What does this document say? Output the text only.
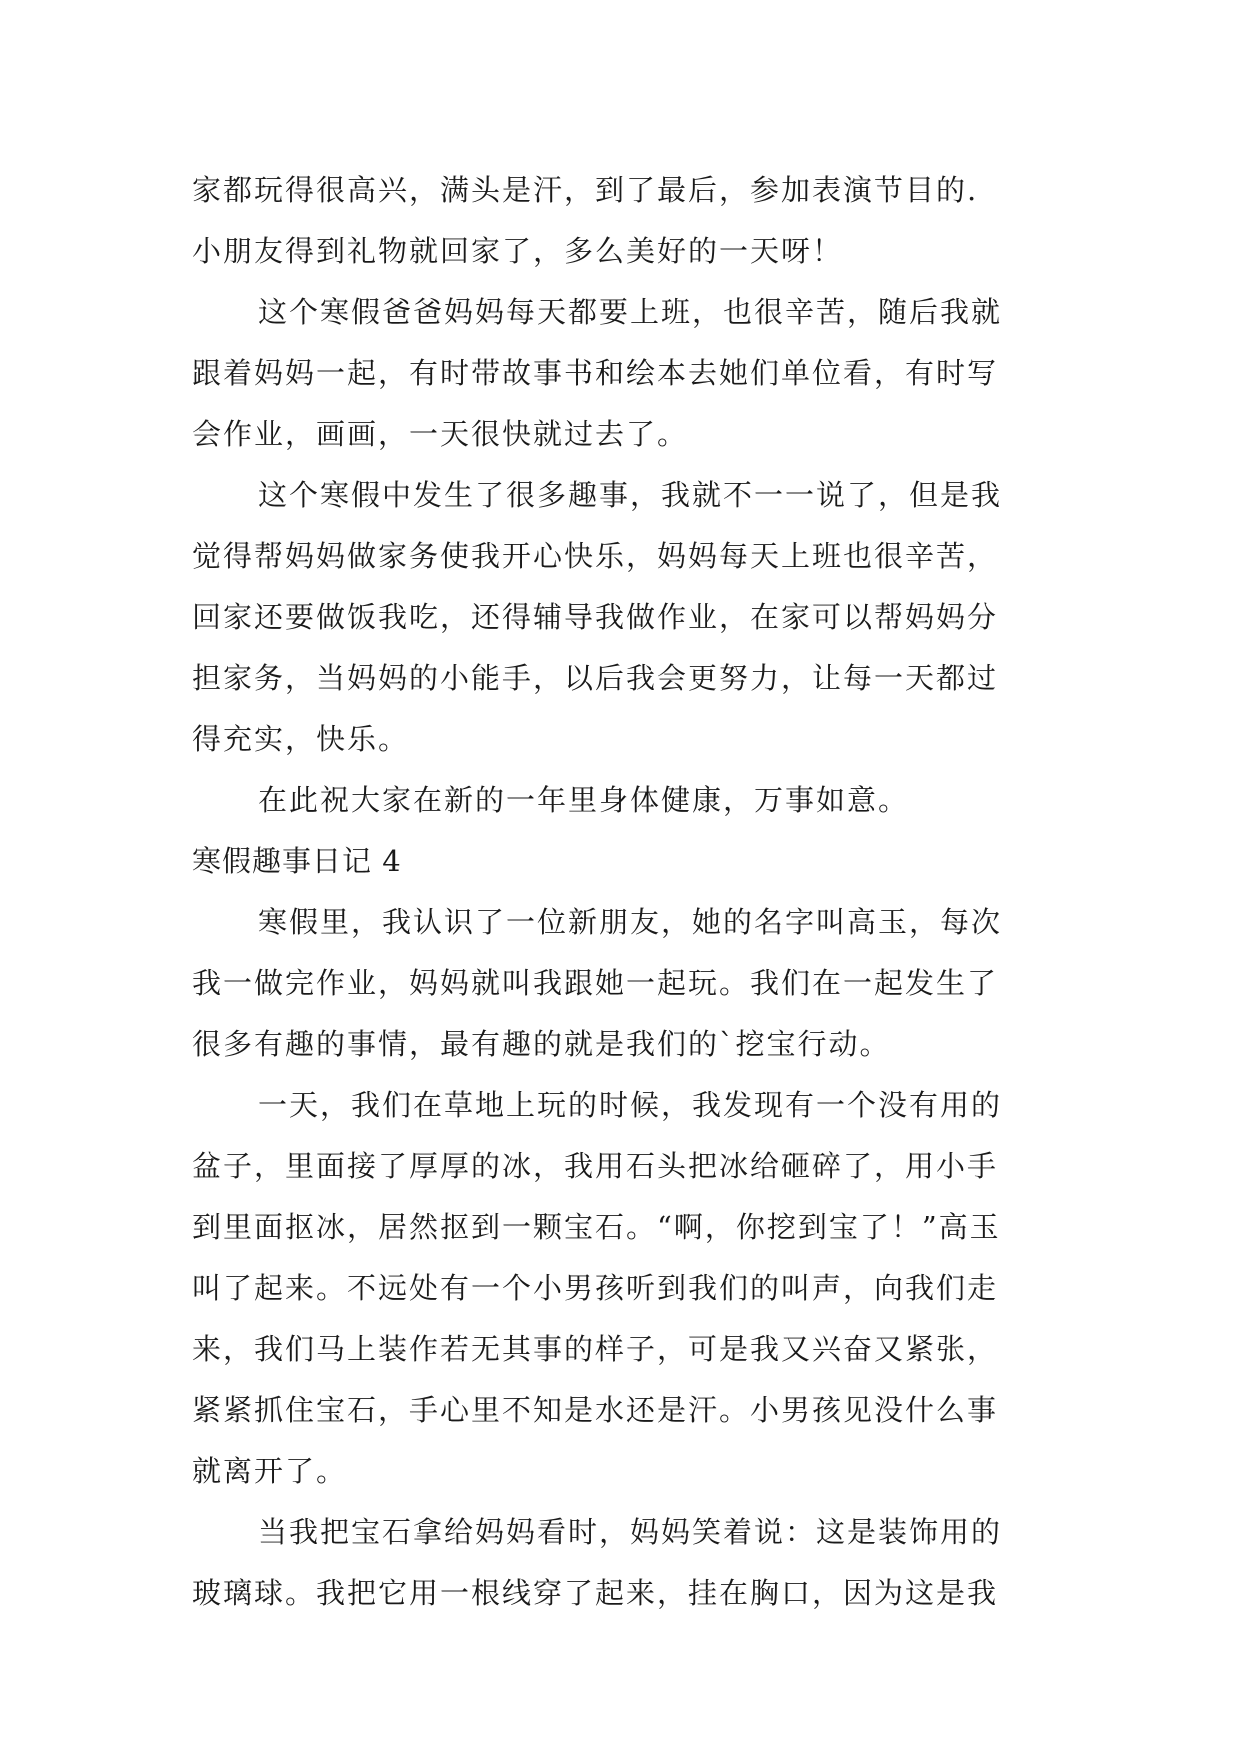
家都玩得很高兴，满头是汗，到了最后，参加表演节目的.

小朋友得到礼物就回家了，多么美好的一天呀！

这个寒假爸爸妈妈每天都要上班，也很辛苦，随后我就

跟着妈妈一起，有时带故事书和绘本去她们单位看，有时写

会作业，画画，一天很快就过去了。

这个寒假中发生了很多趣事，我就不一一说了，但是我

觉得帮妈妈做家务使我开心快乐，妈妈每天上班也很辛苦，

回家还要做饭我吃，还得辅导我做作业，在家可以帮妈妈分

担家务，当妈妈的小能手，以后我会更努力，让每一天都过

得充实，快乐。

在此祝大家在新的一年里身体健康，万事如意。

寒假趣事日记 4

寒假里，我认识了一位新朋友，她的名字叫高玉，每次

我一做完作业，妈妈就叫我跟她一起玩。我们在一起发生了

很多有趣的事情，最有趣的就是我们的`挖宝行动。

一天，我们在草地上玩的时候，我发现有一个没有用的

盆子，里面接了厚厚的冰，我用石头把冰给砸碎了，用小手

到里面抠冰，居然抠到一颗宝石。“啊，你挖到宝了！”高玉

叫了起来。不远处有一个小男孩听到我们的叫声，向我们走

来，我们马上装作若无其事的样子，可是我又兴奋又紧张，

紧紧抓住宝石，手心里不知是水还是汗。小男孩见没什么事

就离开了。

当我把宝石拿给妈妈看时，妈妈笑着说：这是装饰用的

玻璃球。我把它用一根线穿了起来，挂在胸口，因为这是我
